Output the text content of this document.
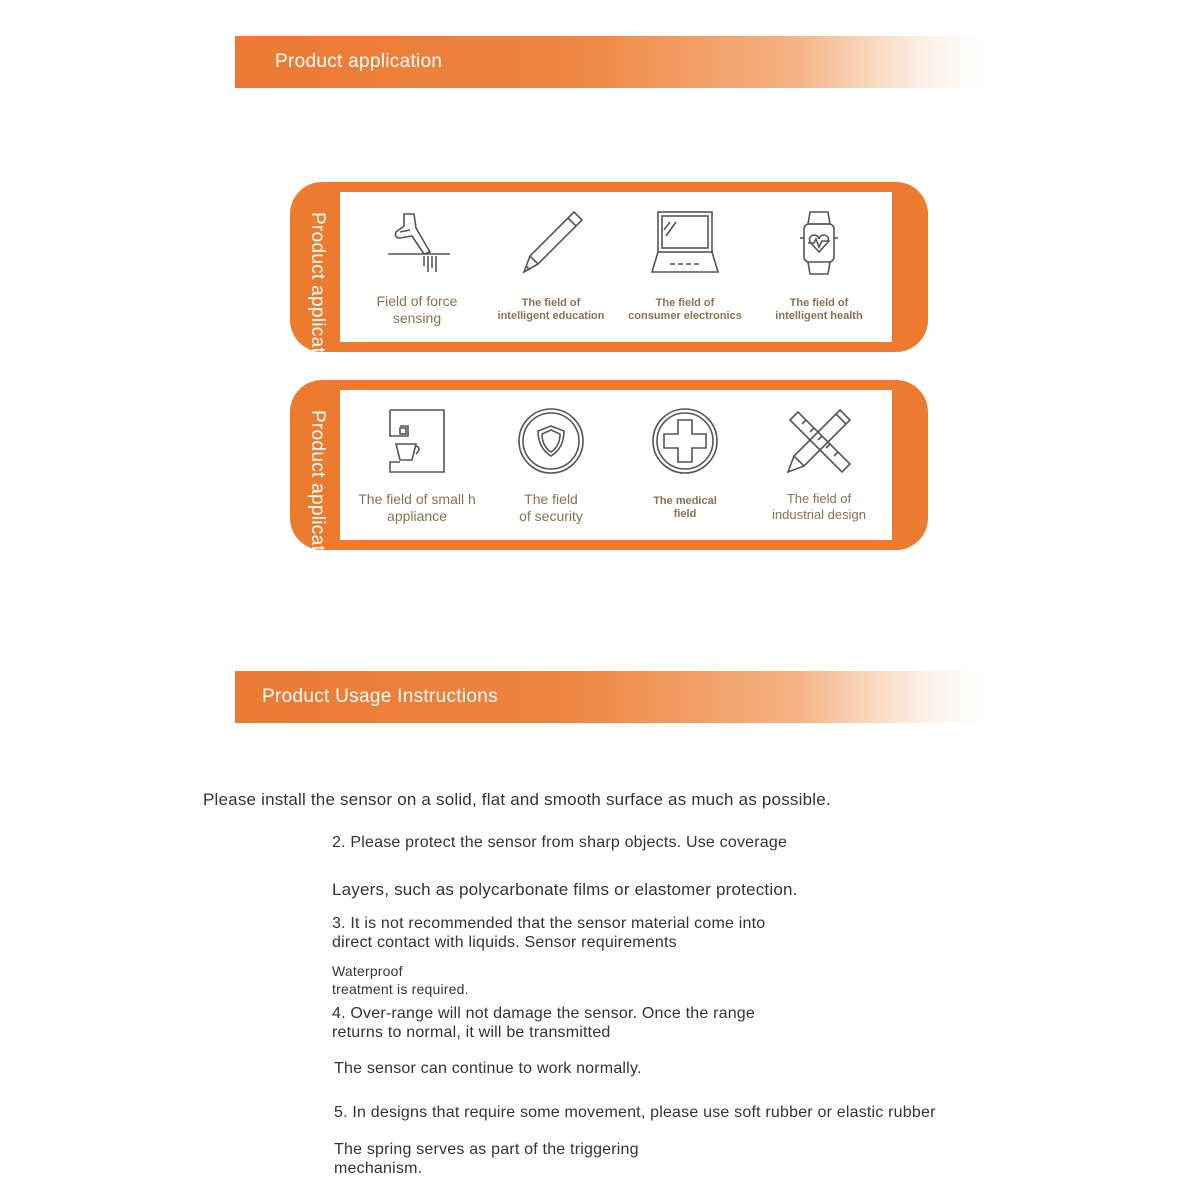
Product application
Field of force
sensing
The field of
intelligent education
The field of
consumer electronics
The field of
intelligent health
Product application
The field of small h
appliance
The field
of security
The medical
field
The field of
industrial design
Product application
Product Usage Instructions
Please install the sensor on a solid, flat and smooth surface as much as possible.
2. Please protect the sensor from sharp objects. Use coverage
Layers, such as polycarbonate films or elastomer protection.
3. It is not recommended that the sensor material come into
direct contact with liquids. Sensor requirements
Waterproof
treatment is required.
4. Over-range will not damage the sensor. Once the range
returns to normal, it will be transmitted
The sensor can continue to work normally.
5. In designs that require some movement, please use soft rubber or elastic rubber
The spring serves as part of the triggering
mechanism.
